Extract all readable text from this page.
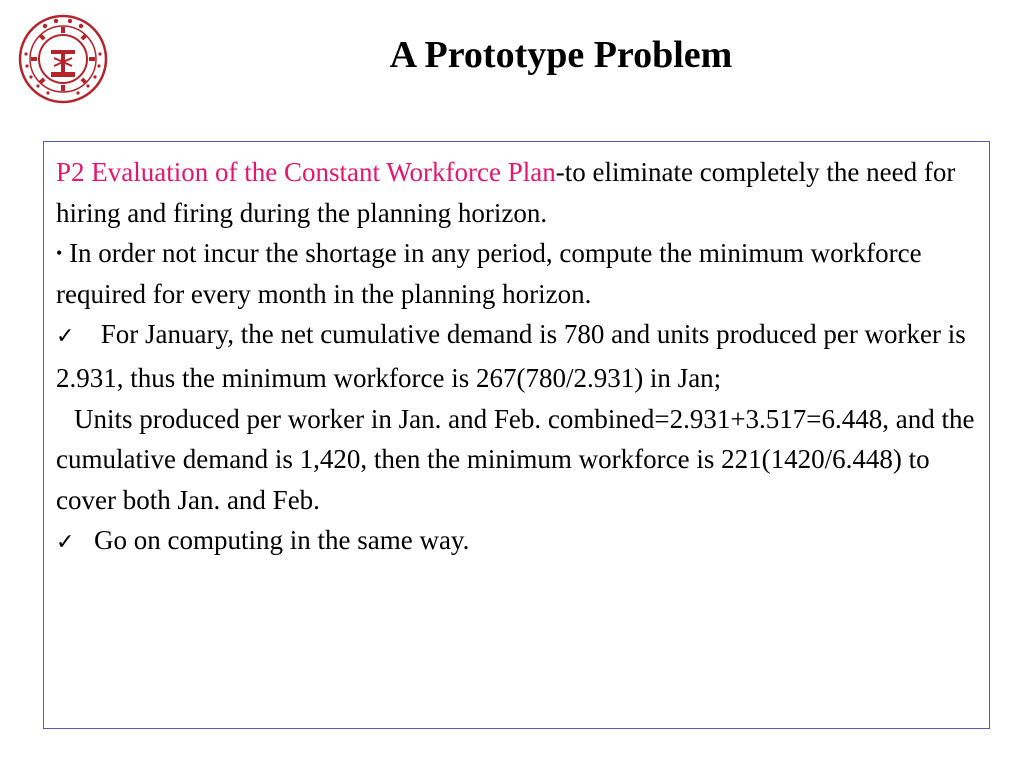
A Prototype Problem

P2 Evaluation of the Constant Workforce Plan-to eliminate completely the need for hiring and firing during the planning horizon.

• In order not incur the shortage in any period, compute the minimum workforce required for every month in the planning horizon.

✓ For January, the net cumulative demand is 780 and units produced per worker is 2.931, thus the minimum workforce is 267(780/2.931) in Jan;

Units produced per worker in Jan. and Feb. combined=2.931+3.517=6.448, and the cumulative demand is 1,420, then the minimum workforce is 221(1420/6.448) to cover both Jan. and Feb.

✓ Go on computing in the same way.
